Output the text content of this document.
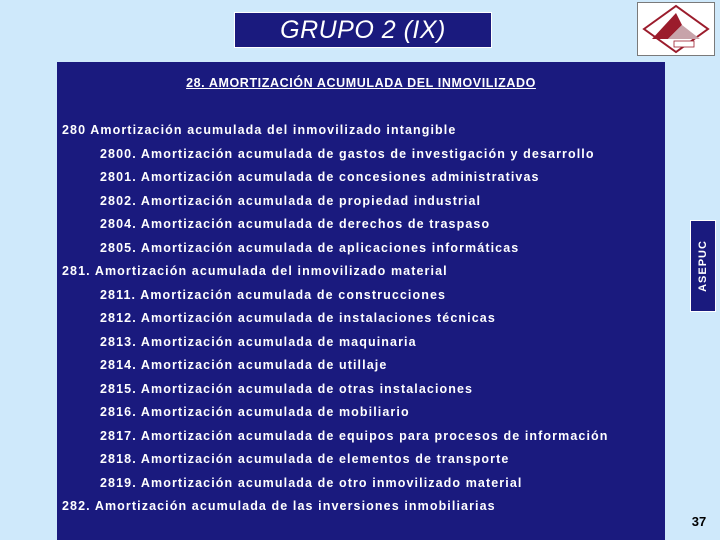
GRUPO 2 (IX)
ASEPUC
28. AMORTIZACIÓN ACUMULADA DEL INMOVILIZADO
280 Amortización acumulada del inmovilizado intangible
2800. Amortización acumulada de gastos de investigación y desarrollo
2801. Amortización acumulada de concesiones administrativas
2802. Amortización acumulada de propiedad industrial
2804. Amortización acumulada de derechos de traspaso
2805. Amortización acumulada de aplicaciones informáticas
281. Amortización acumulada del inmovilizado material
2811. Amortización acumulada de construcciones
2812. Amortización acumulada de instalaciones técnicas
2813. Amortización acumulada de maquinaria
2814. Amortización acumulada de utillaje
2815. Amortización acumulada de otras instalaciones
2816. Amortización acumulada de mobiliario
2817. Amortización acumulada de equipos para procesos de información
2818. Amortización acumulada de elementos de transporte
2819. Amortización acumulada de otro inmovilizado material
282. Amortización acumulada de las inversiones inmobiliarias
37
